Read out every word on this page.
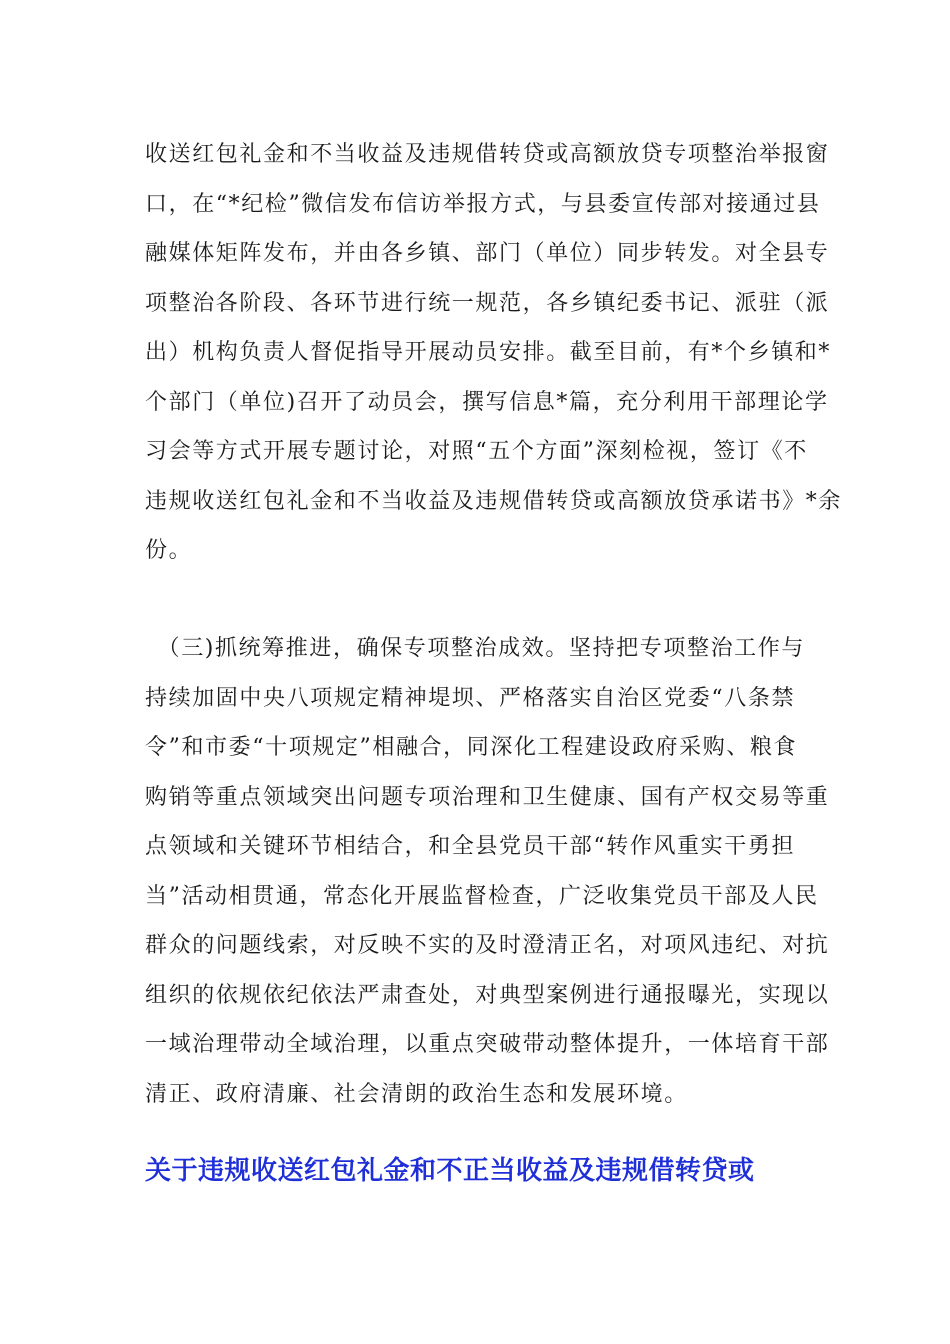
收送红包礼金和不当收益及违规借转贷或高额放贷专项整治举报窗
口，在“*纪检”微信发布信访举报方式，与县委宣传部对接通过县
融媒体矩阵发布，并由各乡镇、部门（单位）同步转发。对全县专
项整治各阶段、各环节进行统一规范，各乡镇纪委书记、派驻（派
出）机构负责人督促指导开展动员安排。截至目前，有*个乡镇和*
个部门（单位)召开了动员会，撰写信息*篇，充分利用干部理论学
习会等方式开展专题讨论，对照“五个方面”深刻检视，签订《不
违规收送红包礼金和不当收益及违规借转贷或高额放贷承诺书》*余
份。
　（三)抓统筹推进，确保专项整治成效。坚持把专项整治工作与
持续加固中央八项规定精神堤坝、严格落实自治区党委“八条禁
令”和市委“十项规定”相融合，同深化工程建设政府采购、粮食
购销等重点领域突出问题专项治理和卫生健康、国有产权交易等重
点领域和关键环节相结合，和全县党员干部“转作风重实干勇担
当”活动相贯通，常态化开展监督检查，广泛收集党员干部及人民
群众的问题线索，对反映不实的及时澄清正名，对项风违纪、对抗
组织的依规依纪依法严肃查处，对典型案例进行通报曝光，实现以
一域治理带动全域治理，以重点突破带动整体提升，一体培育干部
清正、政府清廉、社会清朗的政治生态和发展环境。
关于违规收送红包礼金和不正当收益及违规借转贷或
